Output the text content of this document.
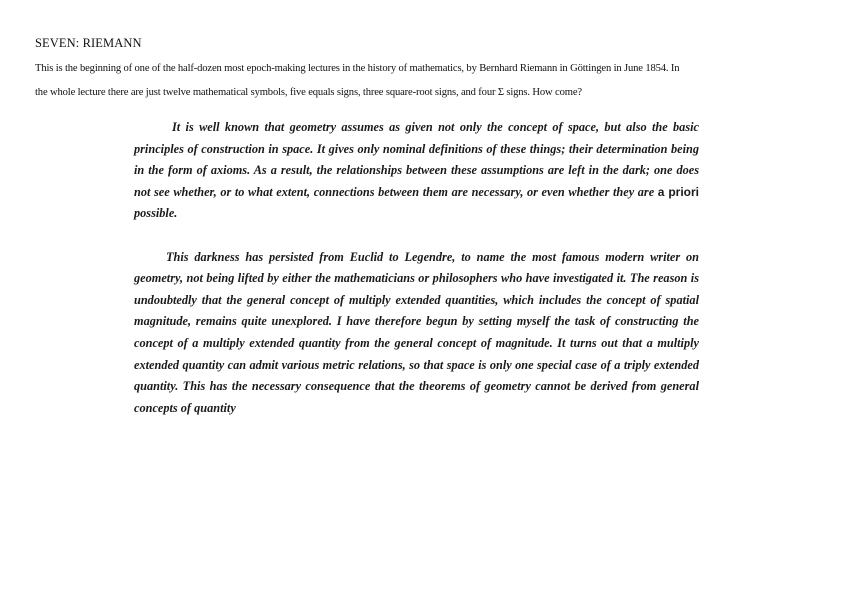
SEVEN: RIEMANN
This is the beginning of one of the half-dozen most epoch-making lectures in the history of mathematics, by Bernhard Riemann in Göttingen in June 1854. In
the whole lecture there are just twelve mathematical symbols, five equals signs, three square-root signs, and four Σ signs. How come?

It is well known that geometry assumes as given not only the concept of space, but also the basic principles of construction in space. It gives only nominal definitions of these things; their determination being in the form of axioms. As a result, the relationships between these assumptions are left in the dark; one does not see whether, or to what extent, connections between them are necessary, or even whether they are a priori possible.

This darkness has persisted from Euclid to Legendre, to name the most famous modern writer on geometry, not being lifted by either the mathematicians or philosophers who have investigated it. The reason is undoubtedly that the general concept of multiply extended quantities, which includes the concept of spatial magnitude, remains quite unexplored. I have therefore begun by setting myself the task of constructing the concept of a multiply extended quantity from the general concept of magnitude. It turns out that a multiply extended quantity can admit various metric relations, so that space is only one special case of a triply extended quantity. This has the necessary consequence that the theorems of geometry cannot be derived from general concepts of quantity
